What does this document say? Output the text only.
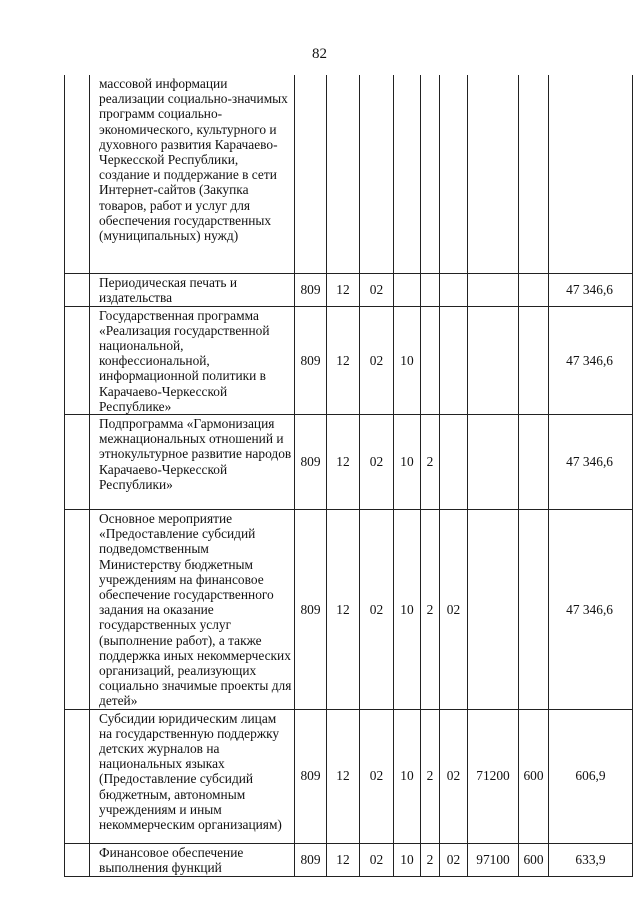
82
	массовой информации реализации социально-значимых программ социально-экономического, культурного и духовного развития Карачаево-Черкесской Республики, создание и поддержание в сети Интернет-сайтов (Закупка товаров, работ и услуг для обеспечения государственных (муниципальных) нужд)									
	Периодическая печать и издательства	809	12	02						47 346,6
	Государственная программа «Реализация государственной национальной, конфессиональной, информационной политики в Карачаево-Черкесской Республике»	809	12	02	10					47 346,6
	Подпрограмма «Гармонизация межнациональных отношений и этнокультурное развитие народов Карачаево-Черкесской Республики»	809	12	02	10	2				47 346,6
	Основное мероприятие «Предоставление субсидий подведомственным Министерству бюджетным учреждениям на финансовое обеспечение государственного задания на оказание государственных услуг (выполнение работ), а также поддержка иных некоммерческих организаций, реализующих социально значимые проекты для детей»	809	12	02	10	2	02			47 346,6
	Субсидии юридическим лицам на государственную поддержку детских журналов на национальных языках (Предоставление субсидий бюджетным, автономным учреждениям и иным некоммерческим организациям)	809	12	02	10	2	02	71200	600	606,9
	Финансовое обеспечение выполнения функций	809	12	02	10	2	02	97100	600	633,9
